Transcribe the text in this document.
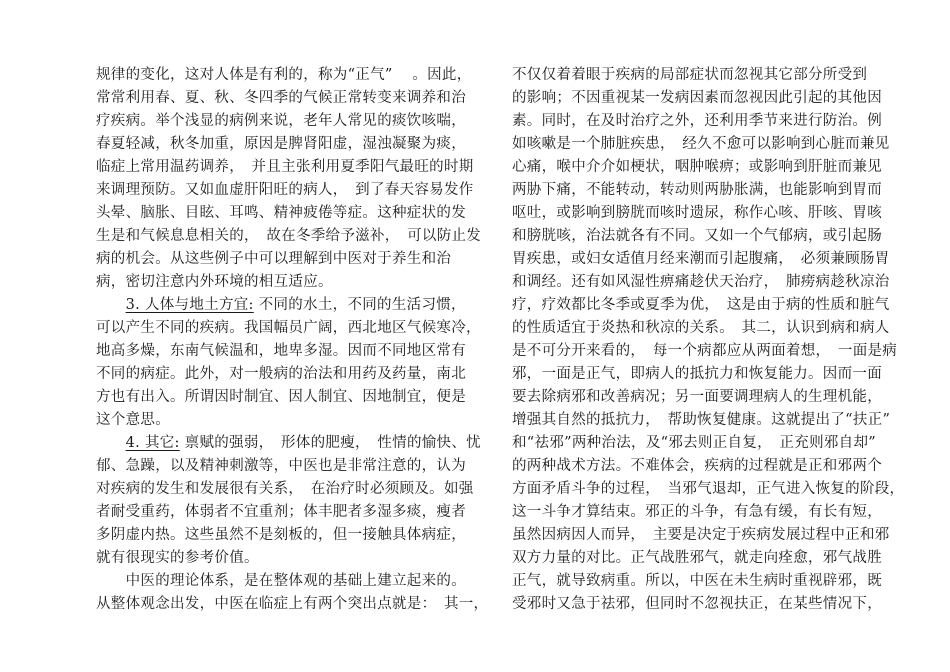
规律的变化，这对人体是有利的，称为“正气”　 。因此，
常常利用春、夏、秋、冬四季的气候正常转变来调养和治
疗疾病。举个浅显的病例来说，老年人常见的痰饮咳喘，
春夏轻减，秋冬加重，原因是脾肾阳虚，湿浊凝聚为痰，
临症上常用温药调养，　并且主张利用夏季阳气最旺的时期
来调理预防。又如血虚肝阳旺的病人，　到了春天容易发作
头晕、脑胀、目眩、耳鸣、精神疲倦等症。这种症状的发
生是和气候息息相关的，　故在冬季给予滋补，　可以防止发
病的机会。从这些例子中可以理解到中医对于养生和治
病，密切注意内外环境的相互适应。
　　3. 人体与地土方宜: 不同的水土，不同的生活习惯，
可以产生不同的疾病。我国幅员广阔，西北地区气候寒冷，
地高多燥，东南气候温和，地卑多湿。因而不同地区常有
不同的病症。此外，对一般病的治法和用药及药量，南北
方也有出入。所谓因时制宜、因人制宜、因地制宜，便是
这个意思。
　　4. 其它: 禀赋的强弱，　形体的肥瘦，　性情的愉快、忧
郁、急躁，以及精神刺激等，中医也是非常注意的，认为
对疾病的发生和发展很有关系，　在治疗时必须顾及。如强
者耐受重药，体弱者不宜重剂；体丰肥者多湿多痰，瘦者
多阴虚内热。这些虽然不是刻板的，但一接触具体病症，
就有很现实的参考价值。
　　中医的理论体系，是在整体观的基础上建立起来的。
从整体观念出发，中医在临症上有两个突出点就是：　其一，
不仅仅着着眼于疾病的局部症状而忽视其它部分所受到
的影响；不因重视某一发病因素而忽视因此引起的其他因
素。同时，在及时治疗之外，还利用季节来进行防治。例
如咳嗽是一个肺脏疾患，　经久不愈可以影响到心脏而兼见
心痛，喉中介介如梗状，咽肿喉痹；或影响到肝脏而兼见
两胁下痛，不能转动，转动则两胁胀满，也能影响到胃而
呕吐，或影响到膀胱而咳时遗尿，称作心咳、肝咳、胃咳
和膀胱咳，治法就各有不同。又如一个气郁病，或引起肠
胃疾患，或妇女适值月经来潮而引起腹痛，　必须兼顾肠胃
和调经。还有如风湿性痹痛趁伏天治疗，　肺痨病趁秋凉治
疗，疗效都比冬季或夏季为优，　这是由于病的性质和脏气
的性质适宜于炎热和秋凉的关系。　其二，认识到病和病人
是不可分开来看的，　每一个病都应从两面着想，　一面是病
邪，一面是正气，即病人的抵抗力和恢复能力。因而一面
要去除病邪和改善病况；另一面要调理病人的生理机能，
增强其自然的抵抗力，　帮助恢复健康。这就提出了“扶正”
和“祛邪”两种治法，及“邪去则正自复，　正充则邪自却”
的两种战术方法。不难体会，疾病的过程就是正和邪两个
方面矛盾斗争的过程，　当邪气退却，正气进入恢复的阶段，
这一斗争才算结束。邪正的斗争，有急有缓，有长有短，
虽然因病因人而异，　主要是决定于疾病发展过程中正和邪
双方力量的对比。正气战胜邪气，就走向痊愈，邪气战胜
正气，就导致病重。所以，中医在未生病时重视辟邪，既
受邪时又急于祛邪，但同时不忽视扶正，在某些情况下，
